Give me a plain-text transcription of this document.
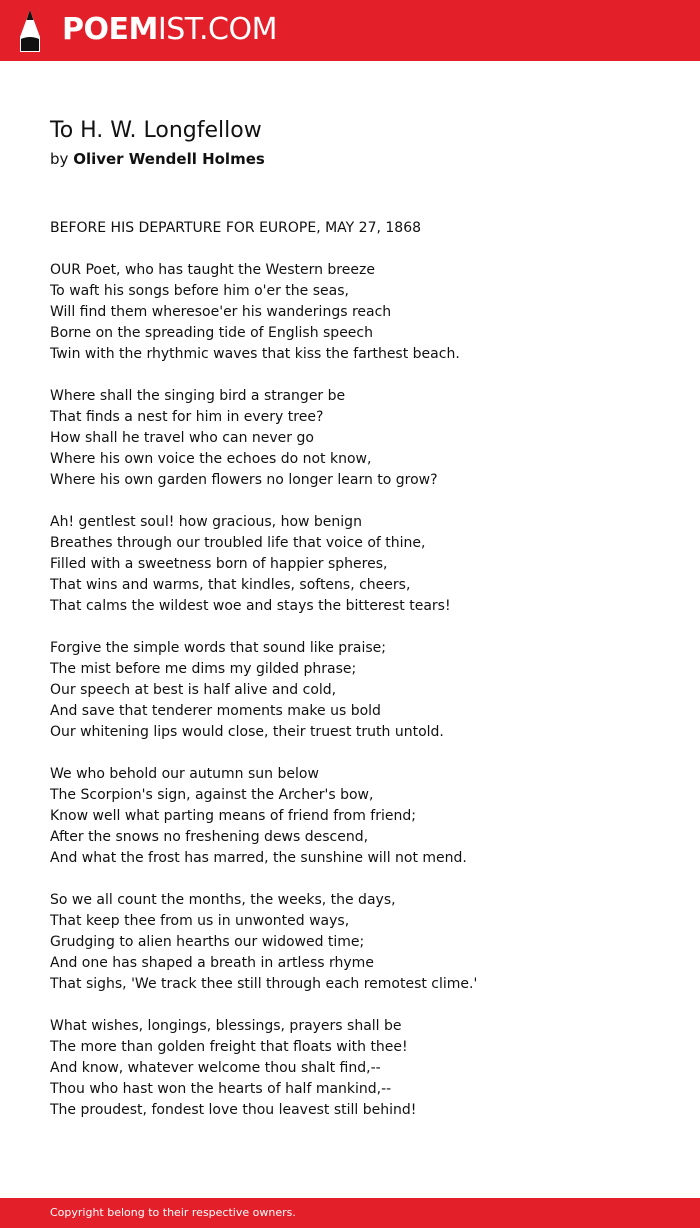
POEMIST.COM
To H. W. Longfellow
by Oliver Wendell Holmes
BEFORE HIS DEPARTURE FOR EUROPE, MAY 27, 1868
OUR Poet, who has taught the Western breeze
To waft his songs before him o'er the seas,
Will find them wheresoe'er his wanderings reach
Borne on the spreading tide of English speech
Twin with the rhythmic waves that kiss the farthest beach.
Where shall the singing bird a stranger be
That finds a nest for him in every tree?
How shall he travel who can never go
Where his own voice the echoes do not know,
Where his own garden flowers no longer learn to grow?
Ah! gentlest soul! how gracious, how benign
Breathes through our troubled life that voice of thine,
Filled with a sweetness born of happier spheres,
That wins and warms, that kindles, softens, cheers,
That calms the wildest woe and stays the bitterest tears!
Forgive the simple words that sound like praise;
The mist before me dims my gilded phrase;
Our speech at best is half alive and cold,
And save that tenderer moments make us bold
Our whitening lips would close, their truest truth untold.
We who behold our autumn sun below
The Scorpion's sign, against the Archer's bow,
Know well what parting means of friend from friend;
After the snows no freshening dews descend,
And what the frost has marred, the sunshine will not mend.
So we all count the months, the weeks, the days,
That keep thee from us in unwonted ways,
Grudging to alien hearths our widowed time;
And one has shaped a breath in artless rhyme
That sighs, 'We track thee still through each remotest clime.'
What wishes, longings, blessings, prayers shall be
The more than golden freight that floats with thee!
And know, whatever welcome thou shalt find,--
Thou who hast won the hearts of half mankind,--
The proudest, fondest love thou leavest still behind!
Copyright belong to their respective owners.
